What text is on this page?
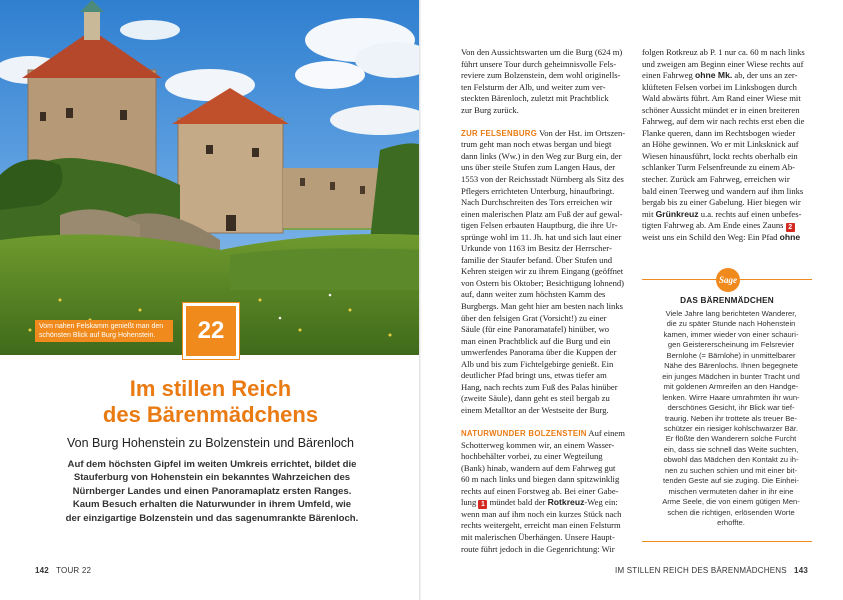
Vom nahen Felskamm genießt man den
schönsten Blick auf Burg Hohenstein.	22
Im stillen Reich
des Bärenmädchens
Von Burg Hohenstein zu Bolzenstein und Bärenloch
Auf dem höchsten Gipfel im weiten Umkreis errichtet, bildet die
Stauferburg von Hohenstein ein bekanntes Wahrzeichen des
Nürnberger Landes und einen Panoramaplatz ersten Ranges.
Kaum Besuch erhalten die Naturwunder in ihrem Umfeld, wie
der einzigartige Bolzenstein und das sagenumrankte Bärenloch.
142 TOUR 22
Von den Aussichtswarten um die Burg (624 m)
führt unsere Tour durch geheimnisvolle Fels-
reviere zum Bolzenstein, dem wohl originells-
ten Felsturm der Alb, und weiter zum ver-
steckten Bärenloch, zuletzt mit Prachtblick
zur Burg zurück.
ZUR FELSENBURG Von der Hst. im Ortszen-
trum geht man noch etwas bergan und biegt
dann links (Ww.) in den Weg zur Burg ein, der
uns über steile Stufen zum Langen Haus, der
1553 von der Reichsstadt Nürnberg als Sitz des
Pflegers errichteten Unterburg, hinaufbringt.
Nach Durchschreiten des Tors erreichen wir
einen malerischen Platz am Fuß der auf gewal-
tigen Felsen erbauten Hauptburg, die ihre Ur-
sprünge wohl im 11. Jh. hat und sich laut einer
Urkunde von 1163 im Besitz der Herrscher-
familie der Staufer befand. Über Stufen und
Kehren steigen wir zu ihrem Eingang (geöffnet
von Ostern bis Oktober; Besichtigung lohnend)
auf, dann weiter zum höchsten Kamm des
Burgbergs. Man geht hier am besten nach links
über den felsigen Grat (Vorsicht!) zu einer
Säule (für eine Panoramatafel) hinüber, wo
man einen Prachtblick auf die Burg und ein
umwerfendes Panorama über die Kuppen der
Alb und bis zum Fichtelgebirge genießt. Ein
deutlicher Pfad bringt uns, etwas tiefer am
Hang, nach rechts zum Fuß des Palas hinüber
(zweite Säule), dann geht es steil bergab zu
einem Metalltor an der Westseite der Burg.
NATURWUNDER BOLZENSTEIN Auf einem
Schotterweg kommen wir, an einem Wasser-
hochbehälter vorbei, zu einer Wegteilung
(Bank) hinab, wandern auf dem Fahrweg gut
60 m nach links und biegen dann spitzwinklig
rechts auf einen Forstweg ab. Bei einer Gabe-
lung 1 mündet bald der Rotkreuz-Weg ein:
wenn man auf ihm noch ein kurzes Stück nach
rechts weitergeht, erreicht man einen Felsturm
mit malerischen Überhängen. Unsere Haupt-
route führt jedoch in die Gegenrichtung: Wir
folgen Rotkreuz ab P. 1 nur ca. 60 m nach links
und zweigen am Beginn einer Wiese rechts auf
einen Fahrweg ohne Mk. ab, der uns an zer-
klüfteten Felsen vorbei im Linksbogen durch
Wald abwärts führt. Am Rand einer Wiese mit
schöner Aussicht mündet er in einen breiteren
Fahrweg, auf dem wir nach rechts erst eben die
Flanke queren, dann im Rechtsbogen wieder
an Höhe gewinnen. Wo er mit Linksknick auf
Wiesen hinausführt, lockt rechts oberhalb ein
schlanker Turm Felsenfreunde zu einem Ab-
stecher. Zurück am Fahrweg, erreichen wir
bald einen Teerweg und wandern auf ihm links
bergab bis zu einer Gabelung. Hier biegen wir
mit Grünkreuz u.a. rechts auf einen unbefes-
tigten Fahrweg ab. Am Ende eines Zauns 2
weist uns ein Schild den Weg: Ein Pfad ohne
Sage
DAS BÄRENMÄDCHEN
Viele Jahre lang berichteten Wanderer,
die zu später Stunde nach Hohenstein
kamen, immer wieder von einer schauri-
gen Geistererscheinung im Felsrevier
Bernlohe (= Bärnlohe) in unmittelbarer
Nähe des Bärenlochs. Ihnen begegnete
ein junges Mädchen in bunter Tracht und
mit goldenen Armreifen an den Handge-
lenken. Wirre Haare umrahmten ihr wun-
derschönes Gesicht, ihr Blick war tief-
traurig. Neben ihr trottete als treuer Be-
schützer ein riesiger kohlschwarzer Bär.
Er flößte den Wanderern solche Furcht
ein, dass sie schnell das Weite suchten,
obwohl das Mädchen den Kontakt zu ih-
nen zu suchen schien und mit einer bit-
tenden Geste auf sie zuging. Die Einhei-
mischen vermuteten daher in ihr eine
Arme Seele, die von einem gütigen Men-
schen die richtigen, erlösenden Worte
erhoffte.
IM STILLEN REICH DES BÄRENMÄDCHENS 143
